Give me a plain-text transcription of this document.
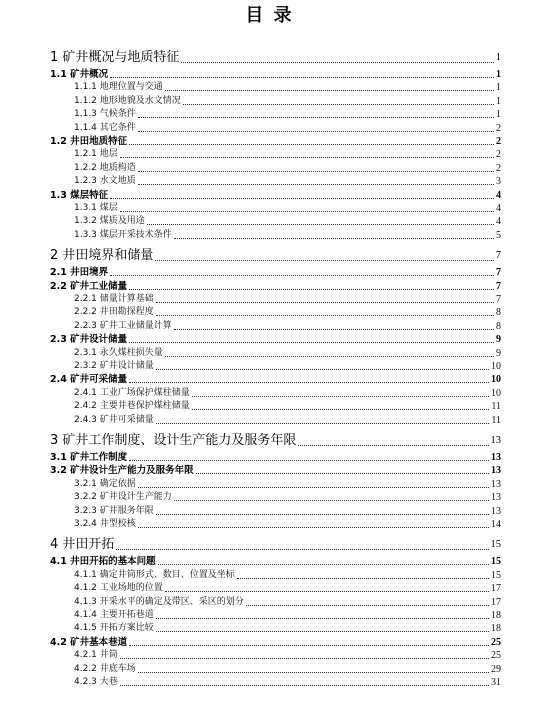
目 录
1 矿井概况与地质特征	1
1.1 矿井概况	1
1.1.1 地理位置与交通	1
1.1.2 地形地貌及水文情况	1
1.1.3 气候条件	1
1.1.4 其它条件	2
1.2 井田地质特征	2
1.2.1 地层	2
1.2.2 地质构造	2
1.2.3 水文地质	3
1.3 煤层特征	4
1.3.1 煤层	4
1.3.2 煤质及用途	4
1.3.3 煤层开采技术条件	5
2 井田境界和储量	7
2.1 井田境界	7
2.2 矿井工业储量	7
2.2.1 储量计算基础	7
2.2.2 井田勘探程度	8
2.2.3 矿井工业储量计算	8
2.3 矿井设计储量	9
2.3.1 永久煤柱损失量	9
2.3.2 矿井设计储量	10
2.4 矿井可采储量	10
2.4.1 工业广场保护煤柱储量	10
2.4.2 主要井巷保护煤柱储量	11
2.4.3 矿井可采储量	11
3 矿井工作制度、设计生产能力及服务年限	13
3.1 矿井工作制度	13
3.2 矿井设计生产能力及服务年限	13
3.2.1 确定依据	13
3.2.2 矿井设计生产能力	13
3.2.3 矿井服务年限	13
3.2.4 井型校核	14
4 井田开拓	15
4.1 井田开拓的基本问题	15
4.1.1 确定井筒形式、数目、位置及坐标	15
4.1.2 工业场地的位置	17
4.1.3 开采水平的确定及带区、采区的划分	17
4.1.4 主要开拓巷道	18
4.1.5 开拓方案比较	18
4.2 矿井基本巷道	25
4.2.1 井筒	25
4.2.2 井底车场	29
4.2.3 大巷	31
